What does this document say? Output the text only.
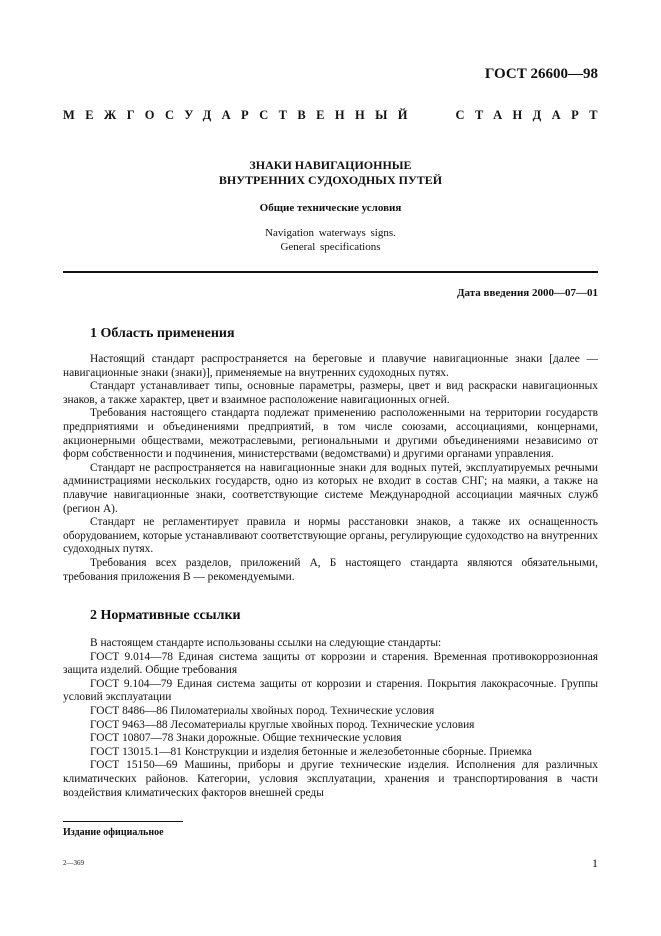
ГОСТ 26600—98
МЕЖГОСУДАРСТВЕННЫЙ	СТАНДАРТ
ЗНАКИ НАВИГАЦИОННЫЕ
ВНУТРЕННИХ СУДОХОДНЫХ ПУТЕЙ
Общие технические условия
Navigation waterways signs.
General specifications
Дата введения 2000—07—01
1 Область применения

Настоящий стандарт распространяется на береговые и плавучие навигационные знаки [далее — навигационные знаки (знаки)], применяемые на внутренних судоходных путях.

Стандарт устанавливает типы, основные параметры, размеры, цвет и вид раскраски навигационных знаков, а также характер, цвет и взаимное расположение навигационных огней.

Требования настоящего стандарта подлежат применению расположенными на территории государств предприятиями и объединениями предприятий, в том числе союзами, ассоциациями, концернами, акционерными обществами, межотраслевыми, региональными и другими объединениями независимо от форм собственности и подчинения, министерствами (ведомствами) и другими органами управления.

Стандарт не распространяется на навигационные знаки для водных путей, эксплуатируемых речными администрациями нескольких государств, одно из которых не входит в состав СНГ; на маяки, а также на плавучие навигационные знаки, соответствующие системе Международной ассоциации маячных служб (регион А).

Стандарт не регламентирует правила и нормы расстановки знаков, а также их оснащенность оборудованием, которые устанавливают соответствующие органы, регулирующие судоходство на внутренних судоходных путях.

Требования всех разделов, приложений А, Б настоящего стандарта являются обязательными, требования приложения В — рекомендуемыми.

2 Нормативные ссылки

В настоящем стандарте использованы ссылки на следующие стандарты:

ГОСТ 9.014—78 Единая система защиты от коррозии и старения. Временная противокоррозионная защита изделий. Общие требования

ГОСТ 9.104—79 Единая система защиты от коррозии и старения. Покрытия лакокрасочные. Группы условий эксплуатации

ГОСТ 8486—86 Пиломатериалы хвойных пород. Технические условия

ГОСТ 9463—88 Лесоматериалы круглые хвойных пород. Технические условия

ГОСТ 10807—78 Знаки дорожные. Общие технические условия

ГОСТ 13015.1—81 Конструкции и изделия бетонные и железобетонные сборные. Приемка

ГОСТ 15150—69 Машины, приборы и другие технические изделия. Исполнения для различных климатических районов. Категории, условия эксплуатации, хранения и транспортирования в части воздействия климатических факторов внешней среды

Издание официальное
2—369	1
